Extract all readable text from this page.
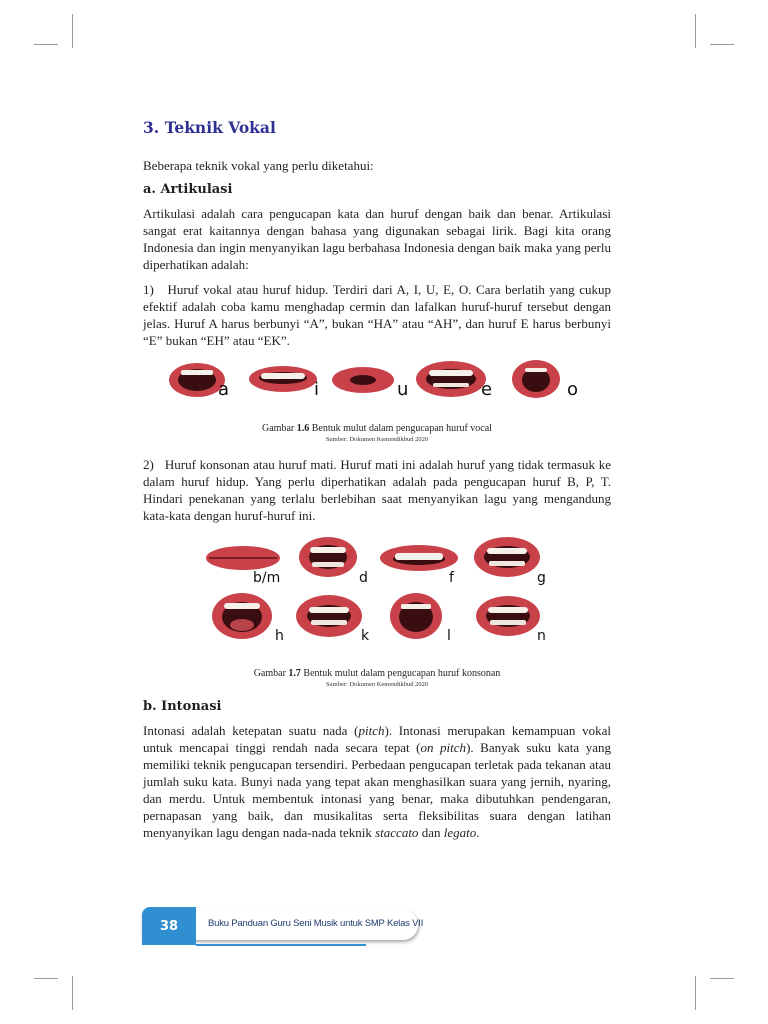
3. Teknik Vokal

Beberapa teknik vokal yang perlu diketahui:

a. Artikulasi

Artikulasi adalah cara pengucapan kata dan huruf dengan baik dan benar. Artikulasi sangat erat kaitannya dengan bahasa yang digunakan sebagai lirik. Bagi kita orang Indonesia dan ingin menyanyikan lagu berbahasa Indonesia dengan baik maka yang perlu diperhatikan adalah:

1)   Huruf vokal atau huruf hidup. Terdiri dari A, I, U, E, O. Cara berlatih yang cukup efektif adalah coba kamu menghadap cermin dan lafalkan huruf-huruf tersebut dengan jelas. Huruf A harus berbunyi “A”, bukan “HA” atau “AH”, dan huruf E harus berbunyi “E” bukan “EH” atau “EK”.

a	i	u	e	o
Gambar 1.6 Bentuk mulut dalam pengucapan huruf vocal
Sumber: Dokumen Kemendikbud 2020

2)   Huruf konsonan atau huruf mati. Huruf mati ini adalah huruf yang tidak termasuk ke dalam huruf hidup. Yang perlu diperhatikan adalah pada pengucapan huruf B, P, T. Hindari penekanan yang terlalu berlebihan saat menyanyikan lagu yang mengandung kata-kata dengan huruf-huruf ini.

b/m	d	f	g
h	k	l	n
Gambar 1.7 Bentuk mulut dalam pengucapan huruf konsonan
Sumber: Dokumen Kemendikbud 2020
b. Intonasi

Intonasi adalah ketepatan suatu nada (pitch). Intonasi merupakan kemampuan vokal untuk mencapai tinggi rendah nada secara tepat (on pitch). Banyak suku kata yang memiliki teknik pengucapan tersendiri. Perbedaan pengucapan terletak pada tekanan atau jumlah suku kata. Bunyi nada yang tepat akan menghasilkan suara yang jernih, nyaring, dan merdu. Untuk membentuk intonasi yang benar, maka dibutuhkan pendengaran, pernapasan yang baik, dan musikalitas serta fleksibilitas suara dengan latihan menyanyikan lagu dengan nada-nada teknik staccato dan legato.

38	Buku Panduan Guru Seni Musik untuk SMP Kelas VII
